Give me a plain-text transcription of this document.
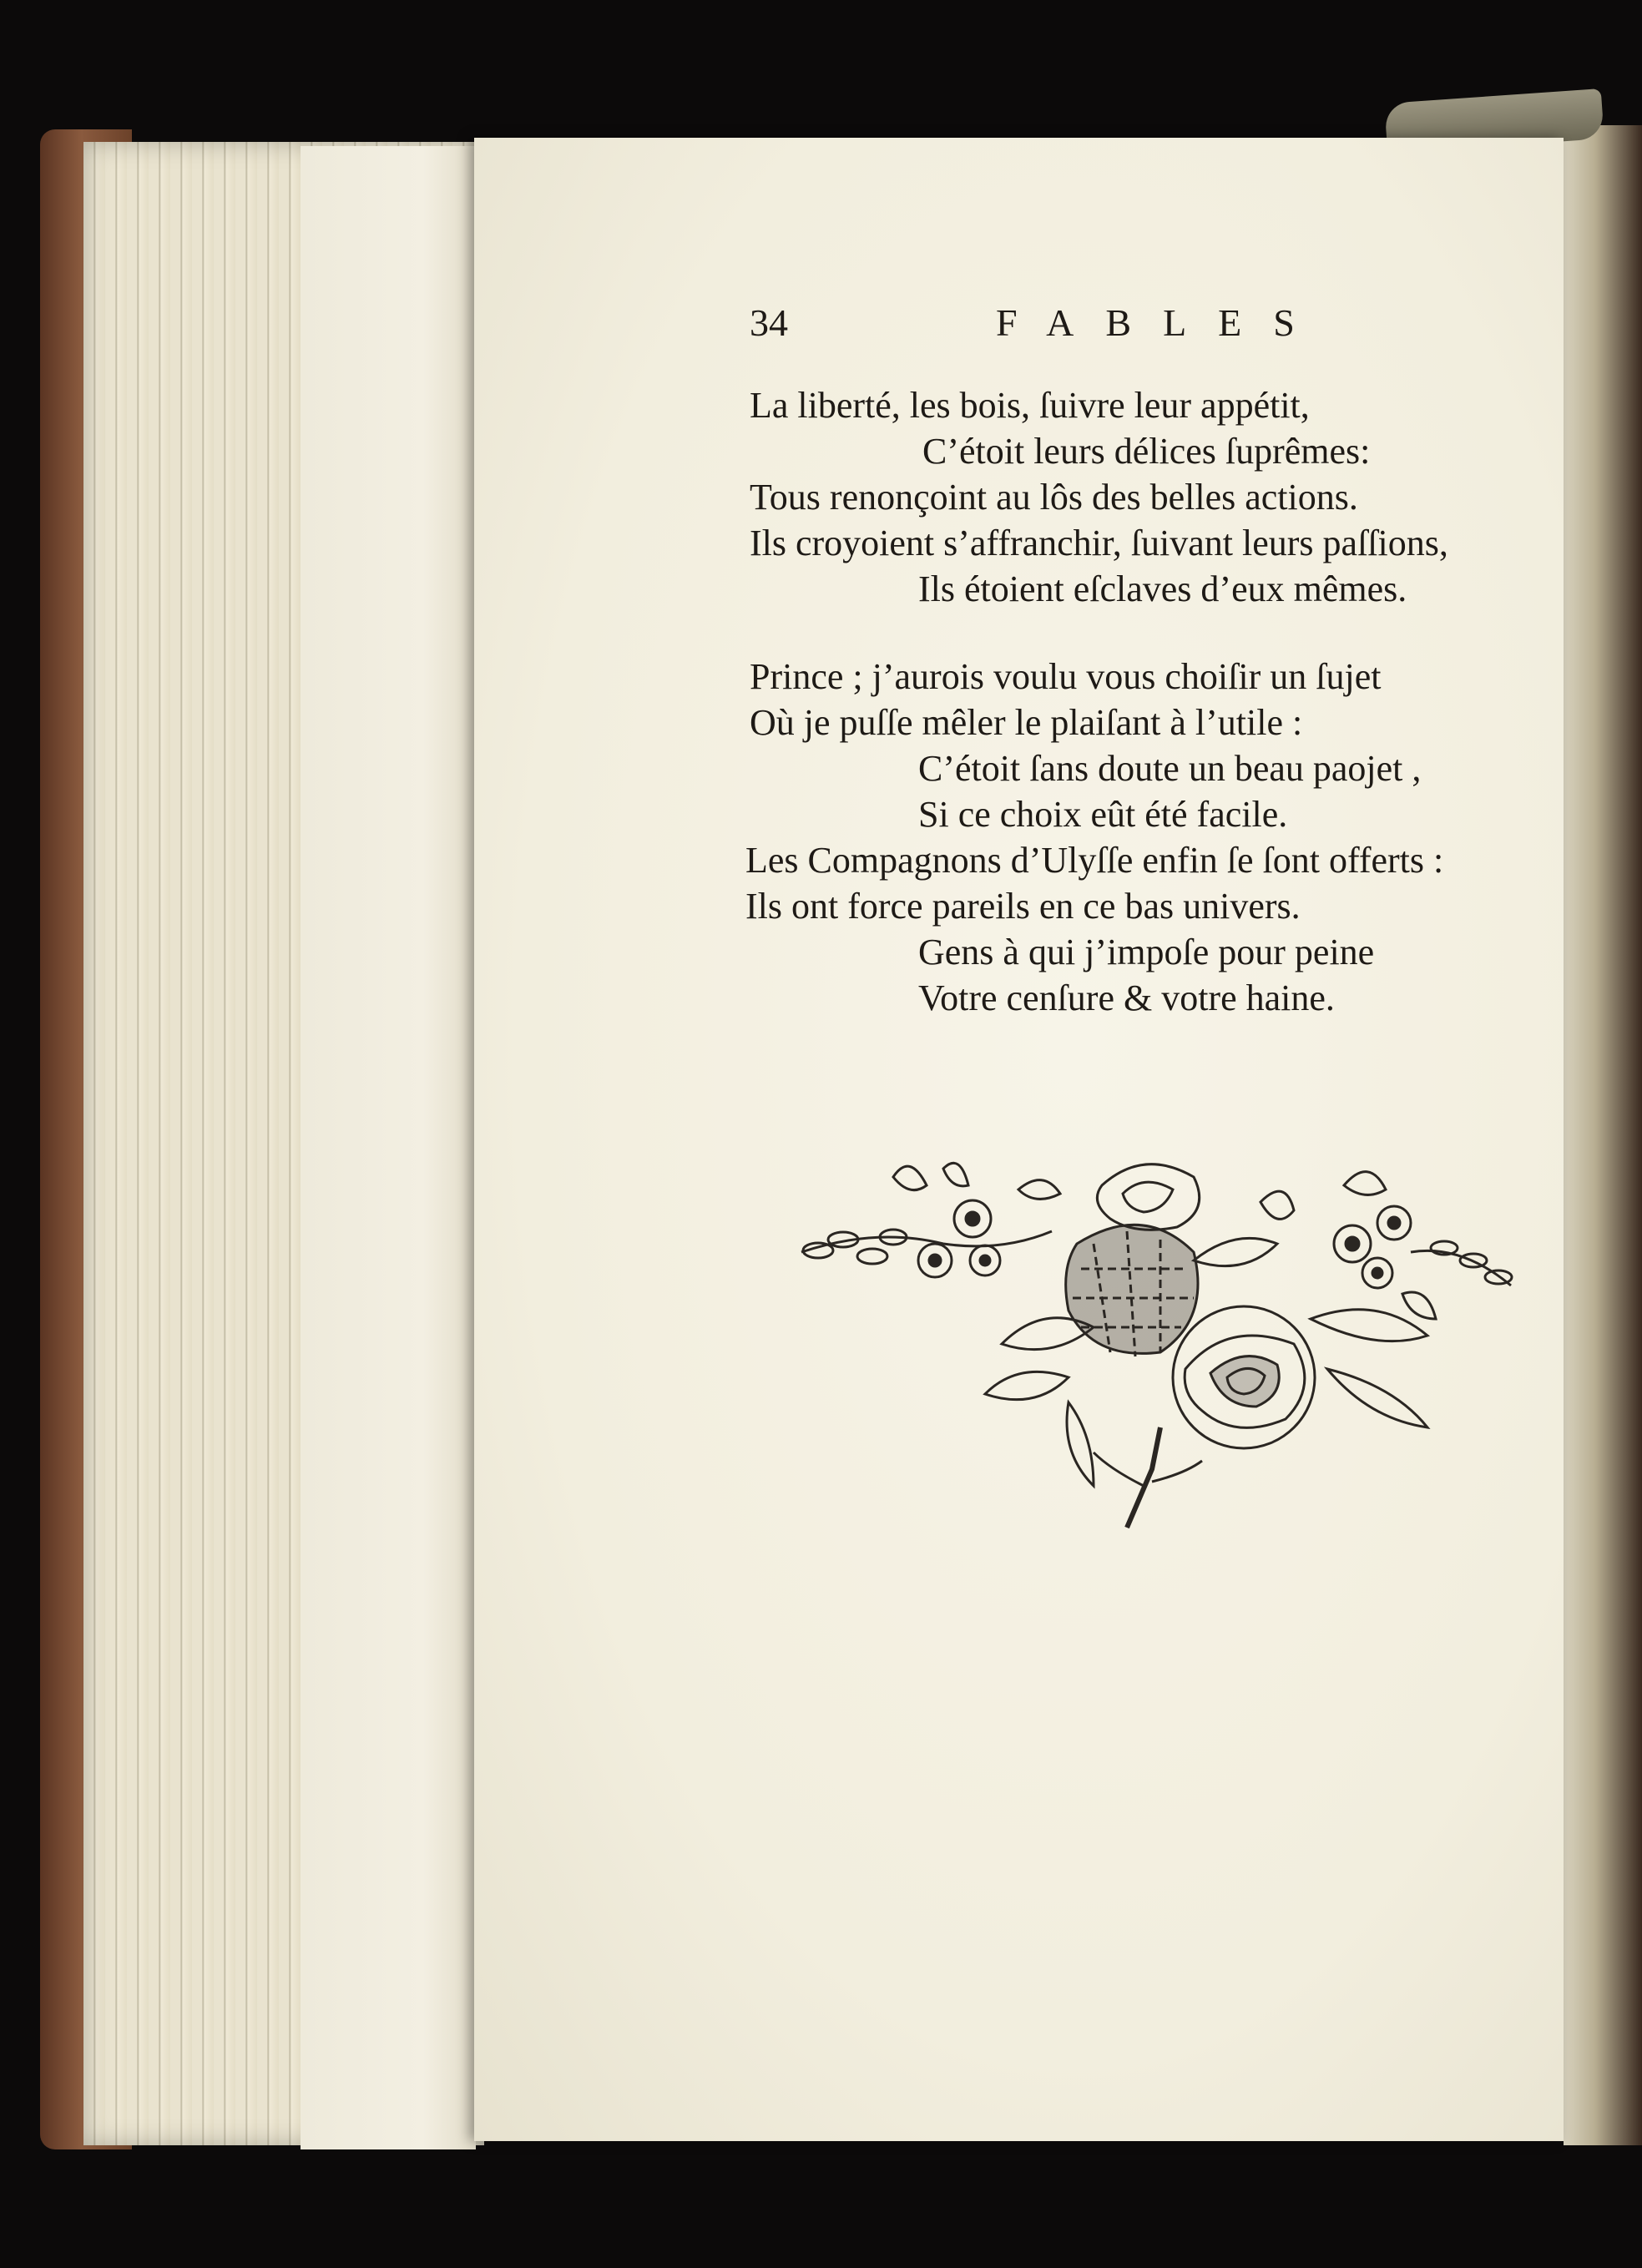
34	FABLES
La liberté, les bois, ſuivre leur appétit,
C’étoit leurs délices ſuprêmes:
Tous renonçoint au lôs des belles actions.
Ils croyoient s’affranchir, ſuivant leurs paſſions,
Ils étoient eſclaves d’eux mêmes.
Prince ; j’aurois voulu vous choiſir un ſujet
Où je puſſe mêler le plaiſant à l’utile :
C’étoit ſans doute un beau paojet ,
Si ce choix eût été facile.
Les Compagnons d’Ulyſſe enfin ſe ſont offerts :
Ils ont force pareils en ce bas univers.
Gens à qui j’impoſe pour peine
Votre cenſure & votre haine.
